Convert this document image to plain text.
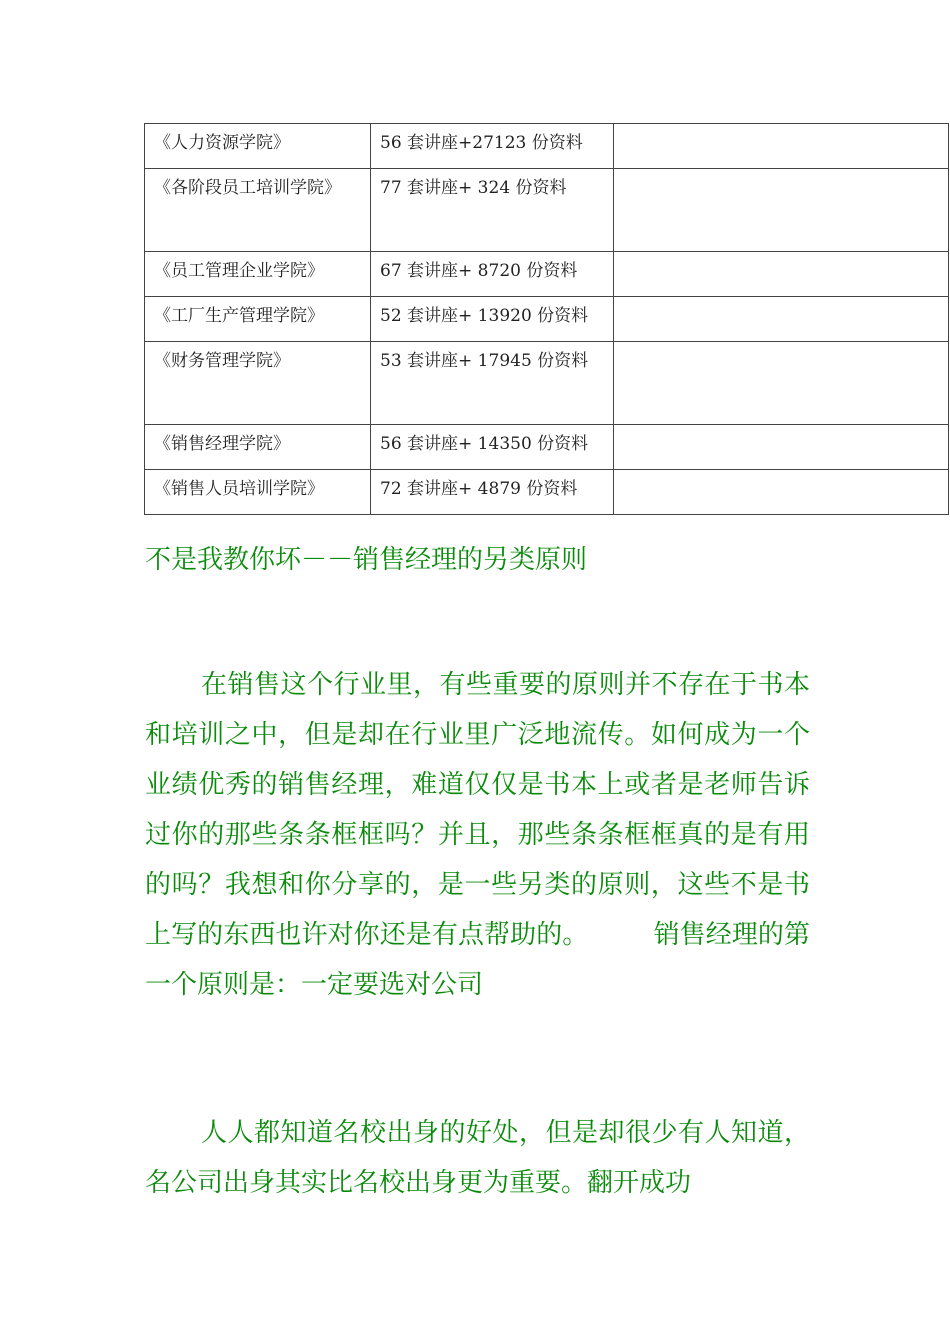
《人力资源学院》	56 套讲座+27123 份资料	

《各阶段员工培训学院》	77 套讲座+ 324 份资料	

《员工管理企业学院》	67 套讲座+ 8720 份资料	

《工厂生产管理学院》	52 套讲座+ 13920 份资料	

《财务管理学院》	53 套讲座+ 17945 份资料	

《销售经理学院》	56 套讲座+ 14350 份资料	

《销售人员培训学院》	72 套讲座+ 4879 份资料	

不是我教你坏－－销售经理的另类原则

在销售这个行业里，有些重要的原则并不存在于书本和培训之中，但是却在行业里广泛地流传。如何成为一个业绩优秀的销售经理，难道仅仅是书本上或者是老师告诉过你的那些条条框框吗？并且，那些条条框框真的是有用的吗？我想和你分享的，是一些另类的原则，这些不是书上写的东西也许对你还是有点帮助的。　　　销售经理的第一个原则是：一定要选对公司

人人都知道名校出身的好处，但是却很少有人知道，名公司出身其实比名校出身更为重要。翻开成功
